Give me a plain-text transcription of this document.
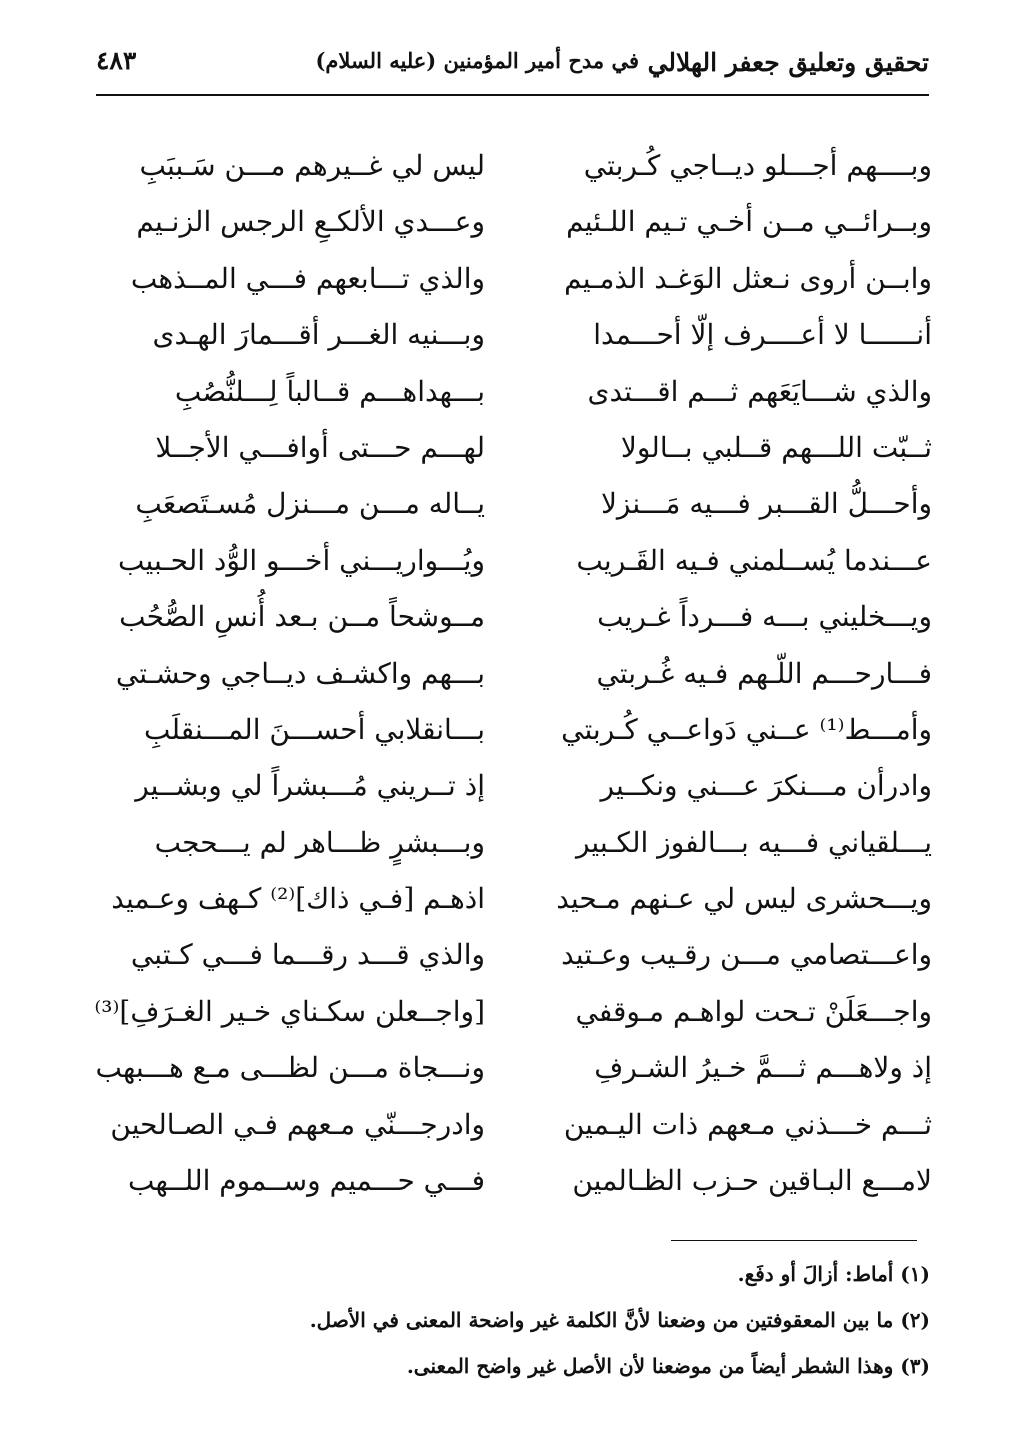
تحقيق وتعليق جعفر الهلالي
في مدح أمير المؤمنين (عليه السلام)
٤٨٣
وبــــهم أجـــلو ديــاجي كُـربتي
ليس لي غــيرهم مـــن سَـببَبِ
وبــرائــي مــن أخـي تـيم اللـئيم
وعـــدي الألكـعِ الرجس الزنـيم
وابــن أروى نـعثل الوَغـد الذمـيم
والذي تـــابعهم فـــي المــذهب
أنــــــا لا أعــــرف إلّا أحـــمدا
وبـــنيه الغـــر أقـــمارَ الهـدى
والذي شـــايَعَهم ثـــم اقـــتدى
بـــهداهـــم قــالباً لِـــلنُّصُبِ
ثــبّت اللـــهم قــلبي بــالولا
لهـــم حـــتى أوافـــي الأجــلا
وأحـــلُّ القـــبر فـــيه مَـــنزلا
يــاله مـــن مـــنزل مُسـتَصعَبِ
عـــندما يُســلمني فـيه القَـريب
ويُـــواريـــني أخـــو الوُّد الحـبيب
ويـــخليني بـــه فـــرداً غـريب
مــوشحاً مــن بـعد أُنسِ الصُّحُب
فـــارحـــم اللّـهم فـيه غُـربتي
بـــهم واكشـف ديــاجي وحشـتي
وأمـــط⁽¹⁾ عــني دَواعــي كُـربتي
بـــانقلابي أحســـنَ المـــنقلَبِ
وادرأن مـــنكرَ عـــني ونكــير
إذ تــريني مُـــبشراً لي وبشــير
يـــلقياني فـــيه بـــالفوز الكـبير
وبـــبشرٍ ظـــاهر لم يـــحجب
ويـــحشرى ليس لي عـنهم مـحيد
اذهـم [فـي ذاك]⁽²⁾ كـهف وعـميد
واعـــتصامي مـــن رقـيب وعـتيد
والذي قـــد رقـــما فـــي كـتبي
واجـــعَلَنْ تـحت لواهـم مـوقفي
[واجــعلن سكـناي خـير الغـرَفِ]⁽³⁾
إذ ولاهـــم ثـــمَّ خـيرُ الشـرفِ
ونـــجاة مـــن لظـــى مـع هـــبهب
ثـــم خـــذني مـعهم ذات اليـمين
وادرجـــنّي مـعهم فـي الصـالحين
لامـــع البـاقين حـزب الظـالمين
فـــي حـــميم وســموم اللــهب
(١) أماط: أزالَ أو دفَع.
(٢) ما بين المعقوفتين من وضعنا لأنَّ الكلمة غير واضحة المعنى في الأصل.
(٣) وهذا الشطر أيضاً من موضعنا لأن الأصل غير واضح المعنى.
